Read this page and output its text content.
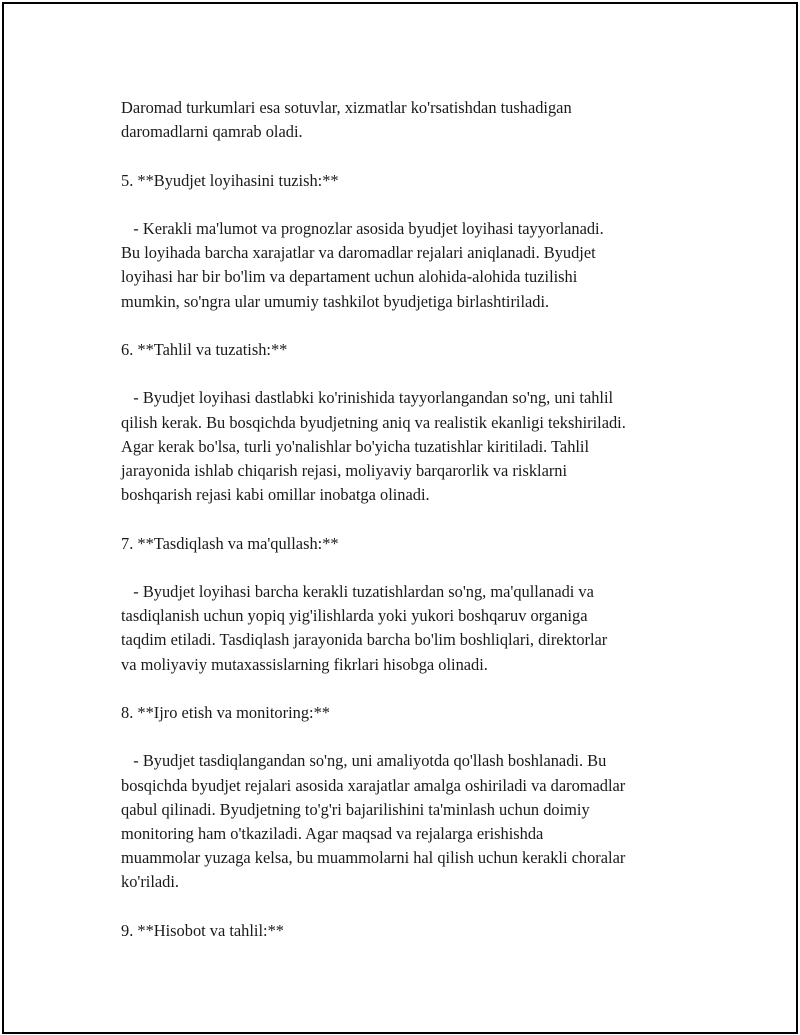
Daromad turkumlari esa sotuvlar, xizmatlar ko'rsatishdan tushadigan
daromadlarni qamrab oladi.

5. **Byudjet loyihasini tuzish:**

- Kerakli ma'lumot va prognozlar asosida byudjet loyihasi tayyorlanadi.
Bu loyihada barcha xarajatlar va daromadlar rejalari aniqlanadi. Byudjet
loyihasi har bir bo'lim va departament uchun alohida-alohida tuzilishi
mumkin, so'ngra ular umumiy tashkilot byudjetiga birlashtiriladi.

6. **Tahlil va tuzatish:**

- Byudjet loyihasi dastlabki ko'rinishida tayyorlangandan so'ng, uni tahlil
qilish kerak. Bu bosqichda byudjetning aniq va realistik ekanligi tekshiriladi.
Agar kerak bo'lsa, turli yo'nalishlar bo'yicha tuzatishlar kiritiladi. Tahlil
jarayonida ishlab chiqarish rejasi, moliyaviy barqarorlik va risklarni
boshqarish rejasi kabi omillar inobatga olinadi.

7. **Tasdiqlash va ma'qullash:**

- Byudjet loyihasi barcha kerakli tuzatishlardan so'ng, ma'qullanadi va
tasdiqlanish uchun yopiq yig'ilishlarda yoki yukori boshqaruv organiga
taqdim etiladi. Tasdiqlash jarayonida barcha bo'lim boshliqlari, direktorlar
va moliyaviy mutaxassislarning fikrlari hisobga olinadi.

8. **Ijro etish va monitoring:**

- Byudjet tasdiqlangandan so'ng, uni amaliyotda qo'llash boshlanadi. Bu
bosqichda byudjet rejalari asosida xarajatlar amalga oshiriladi va daromadlar
qabul qilinadi. Byudjetning to'g'ri bajarilishini ta'minlash uchun doimiy
monitoring ham o'tkaziladi. Agar maqsad va rejalarga erishishda
muammolar yuzaga kelsa, bu muammolarni hal qilish uchun kerakli choralar
ko'riladi.

9. **Hisobot va tahlil:**
